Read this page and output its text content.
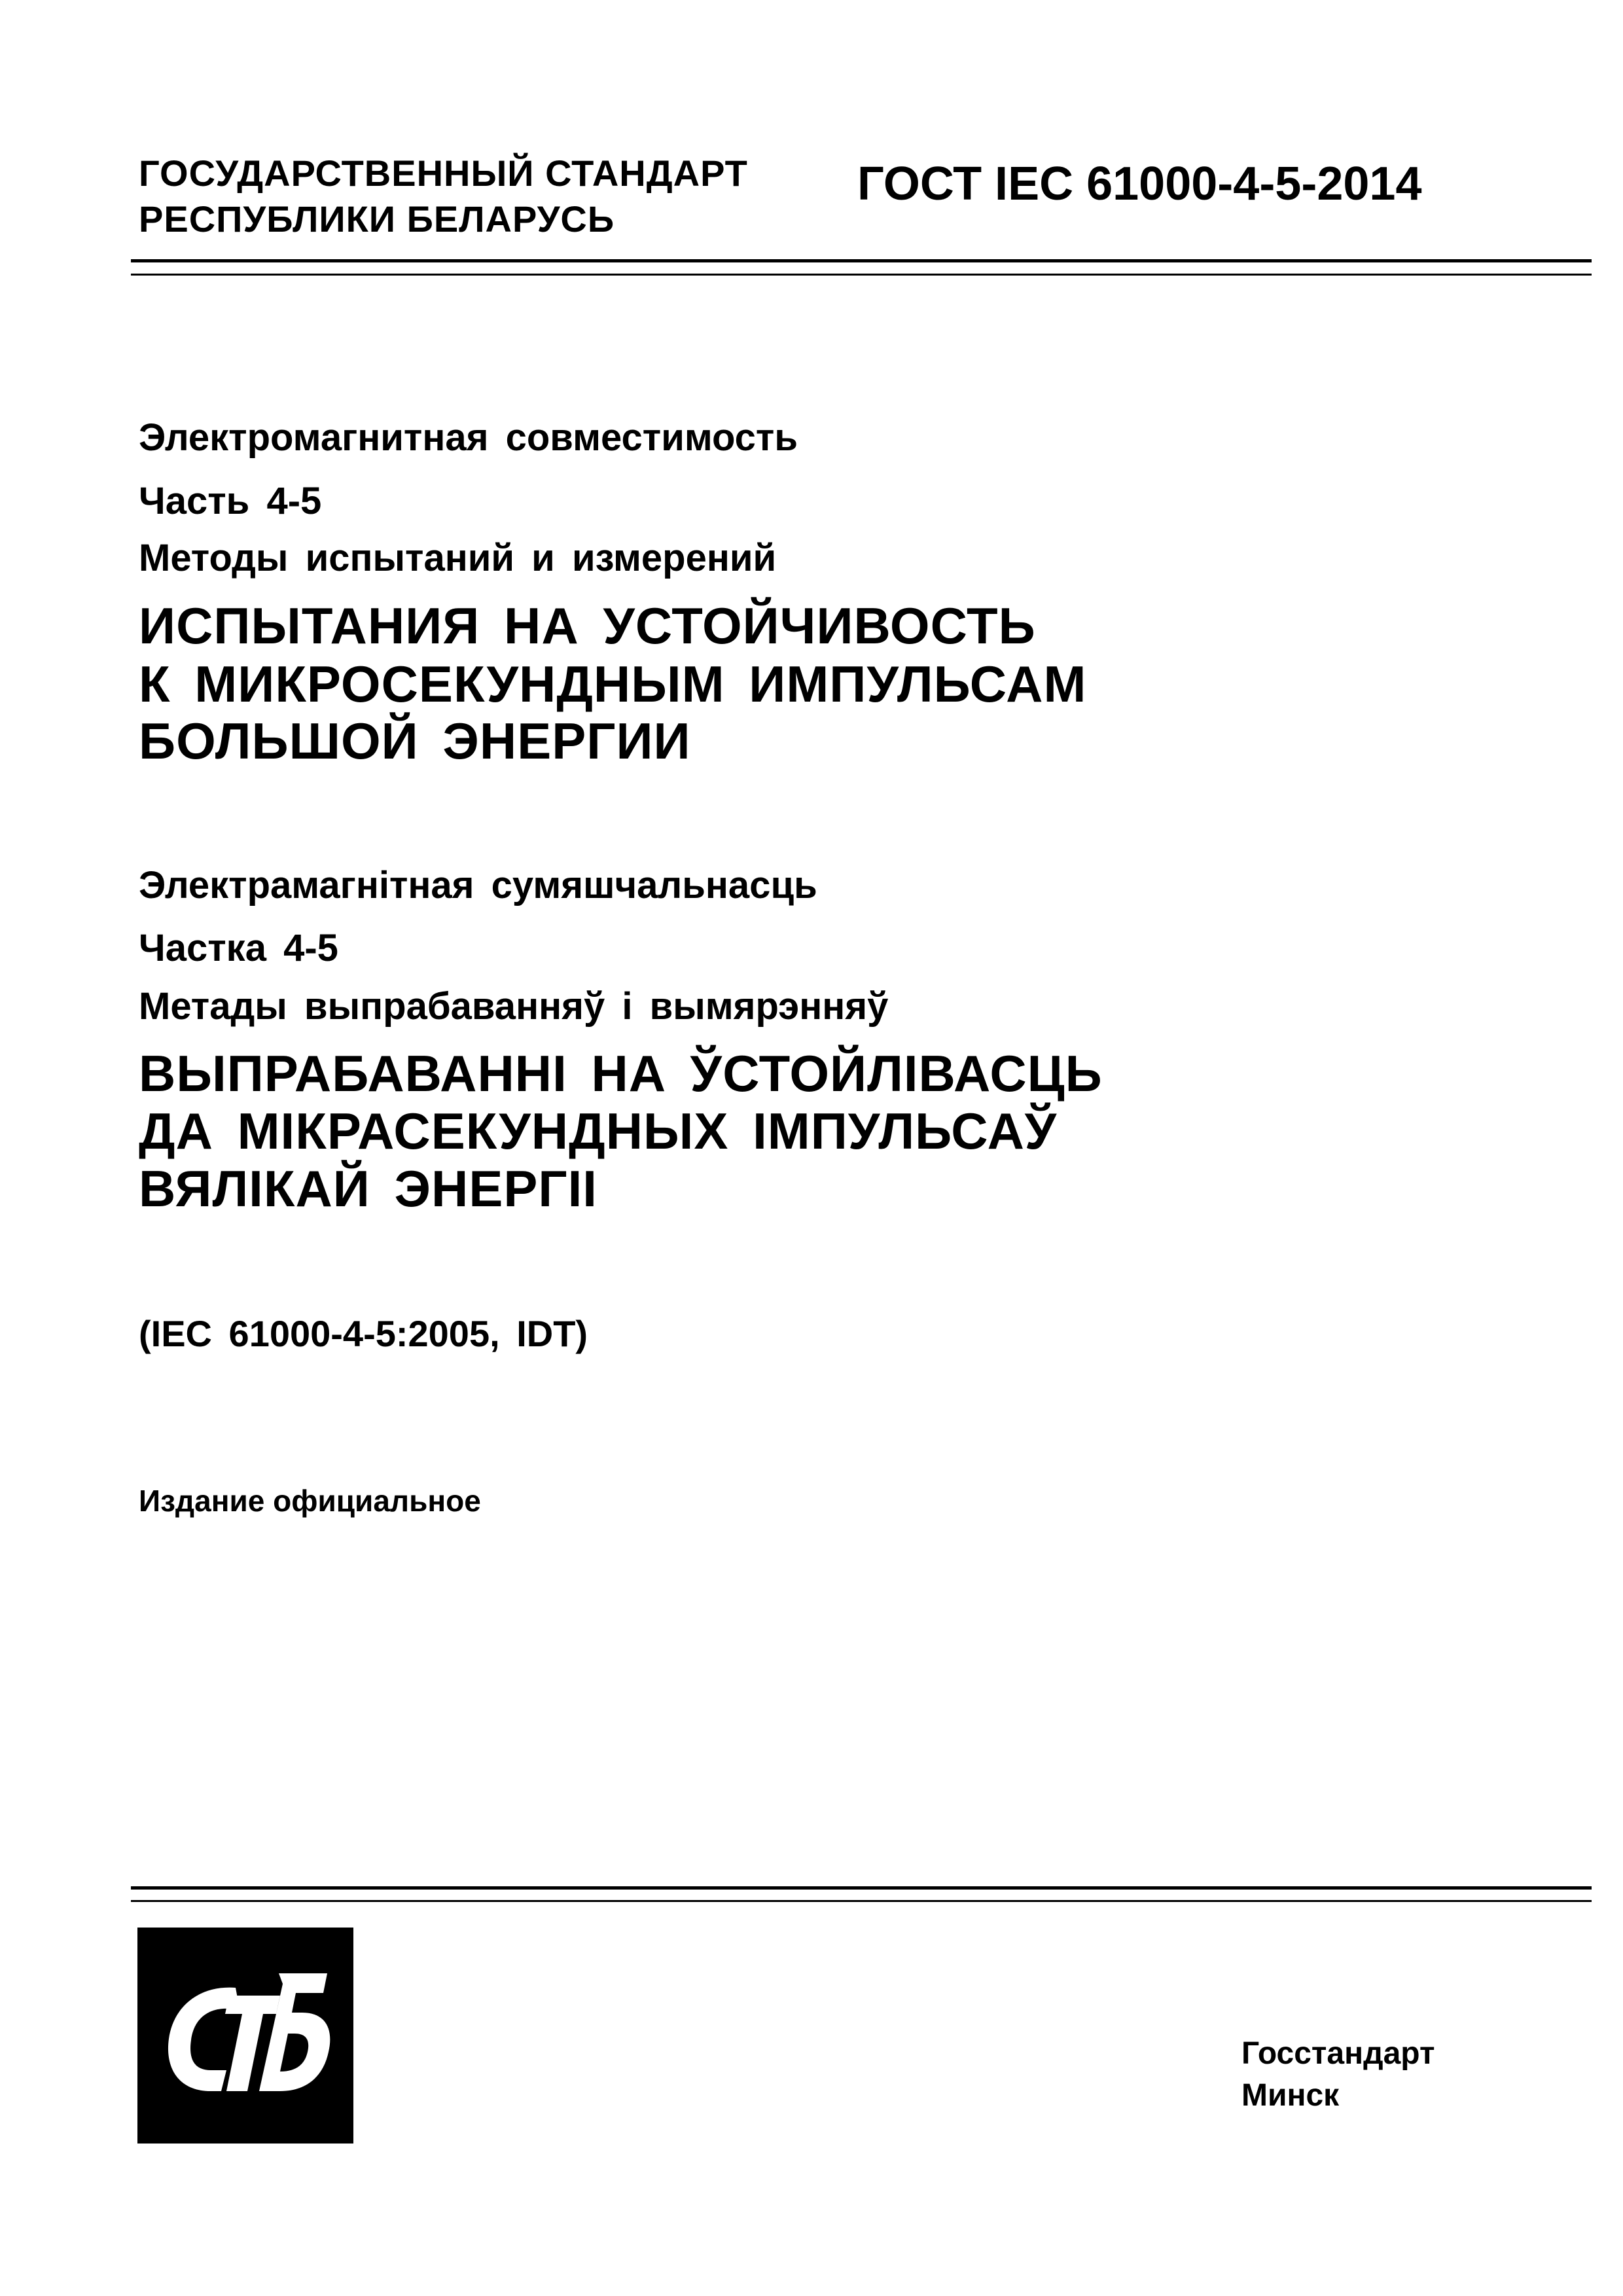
ГОСУДАРСТВЕННЫЙ СТАНДАРТ
РЕСПУБЛИКИ БЕЛАРУСЬ
ГОСТ IEC 61000-4-5-2014
Электромагнитная совместимость
Часть 4-5
Методы испытаний и измерений
ИСПЫТАНИЯ НА УСТОЙЧИВОСТЬ
К МИКРОСЕКУНДНЫМ ИМПУЛЬСАМ
БОЛЬШОЙ ЭНЕРГИИ
Электрамагнітная сумяшчальнасць
Частка 4-5
Метады выпрабаванняў і вымярэнняў
ВЫПРАБАВАННІ НА ЎСТОЙЛІВАСЦЬ
ДА МІКРАСЕКУНДНЫХ ІМПУЛЬСАЎ
ВЯЛІКАЙ ЭНЕРГІІ
(IEC 61000-4-5:2005, IDT)
Издание официальное
Госстандарт
Минск
